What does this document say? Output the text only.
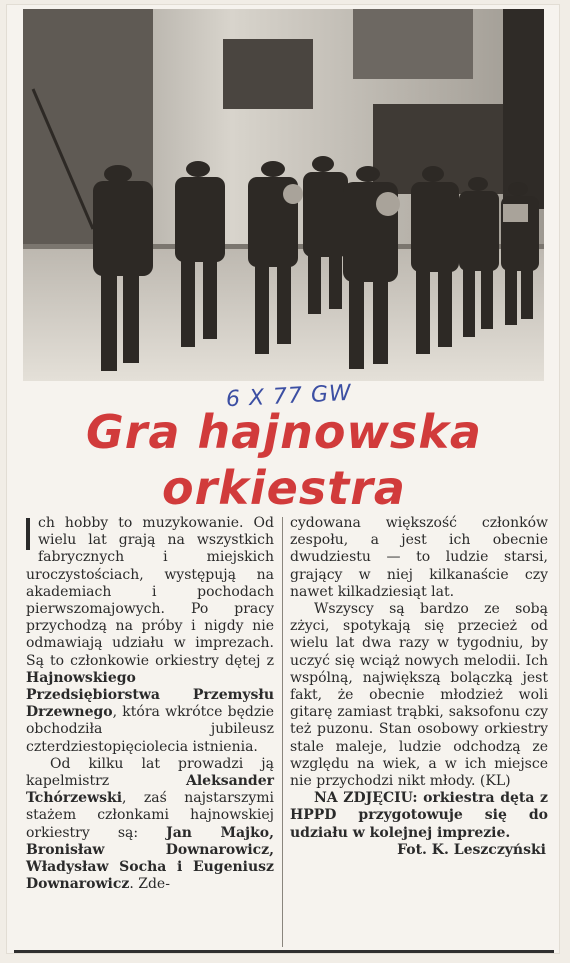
6 X 77 GW
Gra hajnowska
orkiestra

ch hobby to muzykowanie. Od wielu lat grają na wszystkich fabrycznych i miejskich uroczystościach, występują na akademiach i pochodach pierwszomajowych. Po pracy przychodzą na próby i nigdy nie odmawiają udziału w imprezach. Są to członkowie orkiestry dętej z Hajnowskiego Przedsiębiorstwa Przemysłu Drzewnego, która wkrótce będzie obchodziła jubileusz czterdziestopięciolecia istnienia.

Od kilku lat prowadzi ją kapelmistrz Aleksander Tchórzewski, zaś najstarszymi stażem członkami hajnowskiej orkiestry są: Jan Majko, Bronisław Downarowicz, Władysław Socha i Eugeniusz Downarowicz. Zde-

cydowana większość członków zespołu, a jest ich obecnie dwudziestu — to ludzie starsi, grający w niej kilkanaście czy nawet kilkadziesiąt lat.

Wszyscy są bardzo ze sobą zżyci, spotykają się przecież od wielu lat dwa razy w tygodniu, by uczyć się wciąż nowych melodii. Ich wspólną, największą bolączką jest fakt, że obecnie młodzież woli gitarę zamiast trąbki, saksofonu czy też puzonu. Stan osobowy orkiestry stale maleje, ludzie odchodzą ze względu na wiek, a w ich miejsce nie przychodzi nikt młody. (KL)

NA ZDJĘCIU: orkiestra dęta z HPPD przygotowuje się do udziału w kolejnej imprezie.

Fot. K. Leszczyński
